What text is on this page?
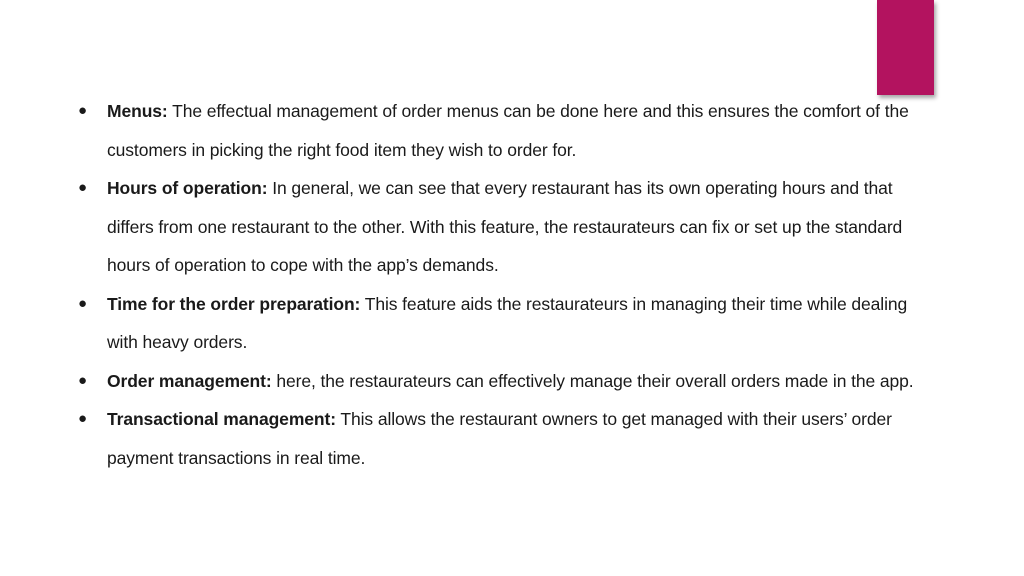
● Menus: The effectual management of order menus can be done here and this ensures the comfort of the customers in picking the right food item they wish to order for.
● Hours of operation: In general, we can see that every restaurant has its own operating hours and that differs from one restaurant to the other. With this feature, the restaurateurs can fix or set up the standard hours of operation to cope with the app’s demands.
● Time for the order preparation: This feature aids the restaurateurs in managing their time while dealing with heavy orders.
● Order management: here, the restaurateurs can effectively manage their overall orders made in the app.
● Transactional management: This allows the restaurant owners to get managed with their users’ order payment transactions in real time.
